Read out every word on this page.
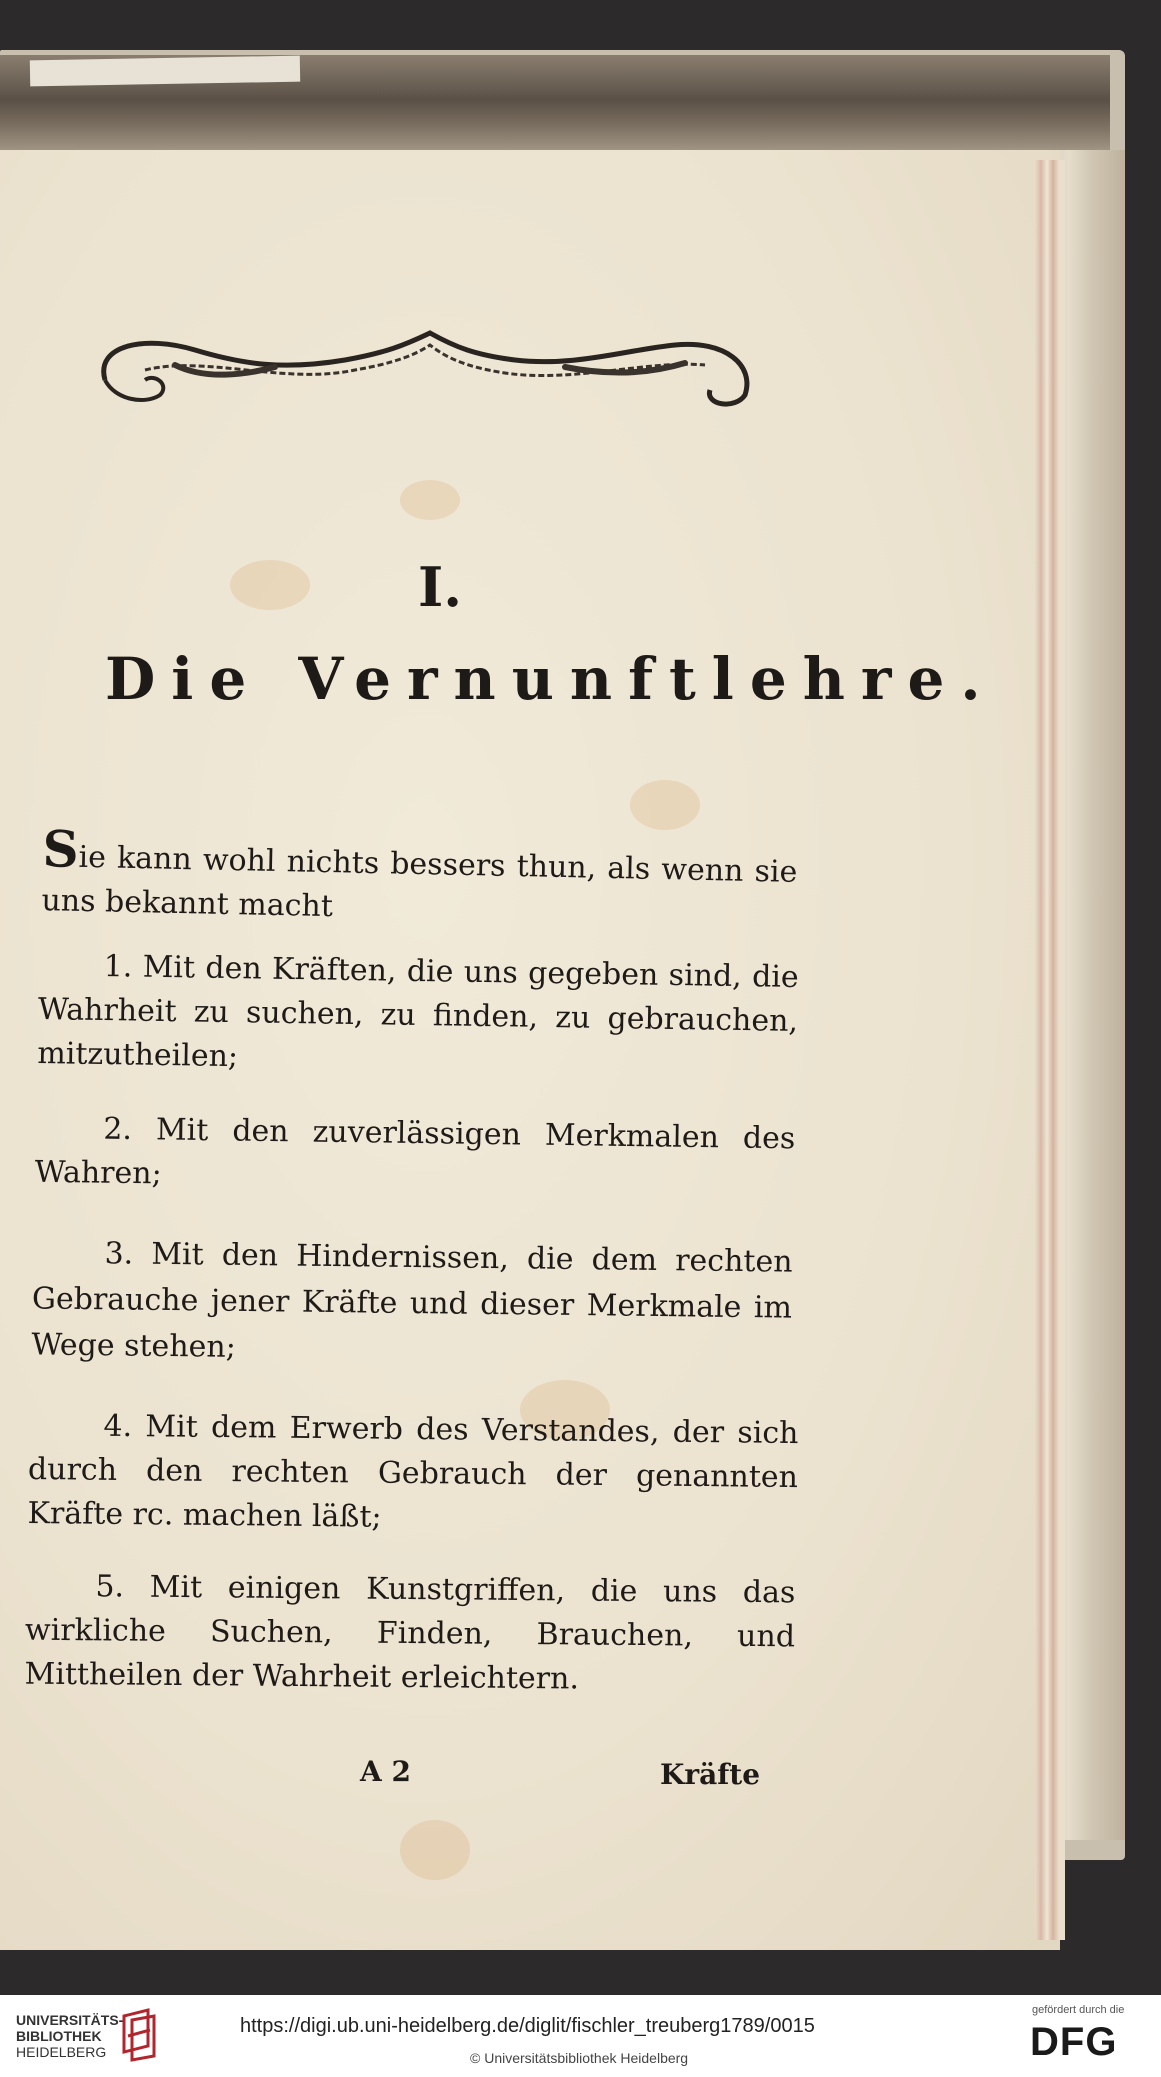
I.
Die Vernunftlehre.
Sie kann wohl nichts bessers thun, als wenn sie uns bekannt macht
1. Mit den Kräften, die uns gegeben sind, die Wahrheit zu suchen, zu finden, zu gebrauchen, mitzutheilen;
2. Mit den zuverlässigen Merkmalen des Wahren;
3. Mit den Hindernissen, die dem rechten Gebrauche jener Kräfte und dieser Merkmale im Wege stehen;
4. Mit dem Erwerb des Verstandes, der sich durch den rechten Gebrauch der genannten Kräfte rc. machen läßt;
5. Mit einigen Kunstgriffen, die uns das wirkliche Suchen, Finden, Brauchen, und Mittheilen der Wahrheit erleichtern.
A 2	Kräfte
UNIVERSITÄTS-
BIBLIOTHEK
HEIDELBERG
https://digi.ub.uni-heidelberg.de/diglit/fischler_treuberg1789/0015
© Universitätsbibliothek Heidelberg
gefördert durch die
DFG
